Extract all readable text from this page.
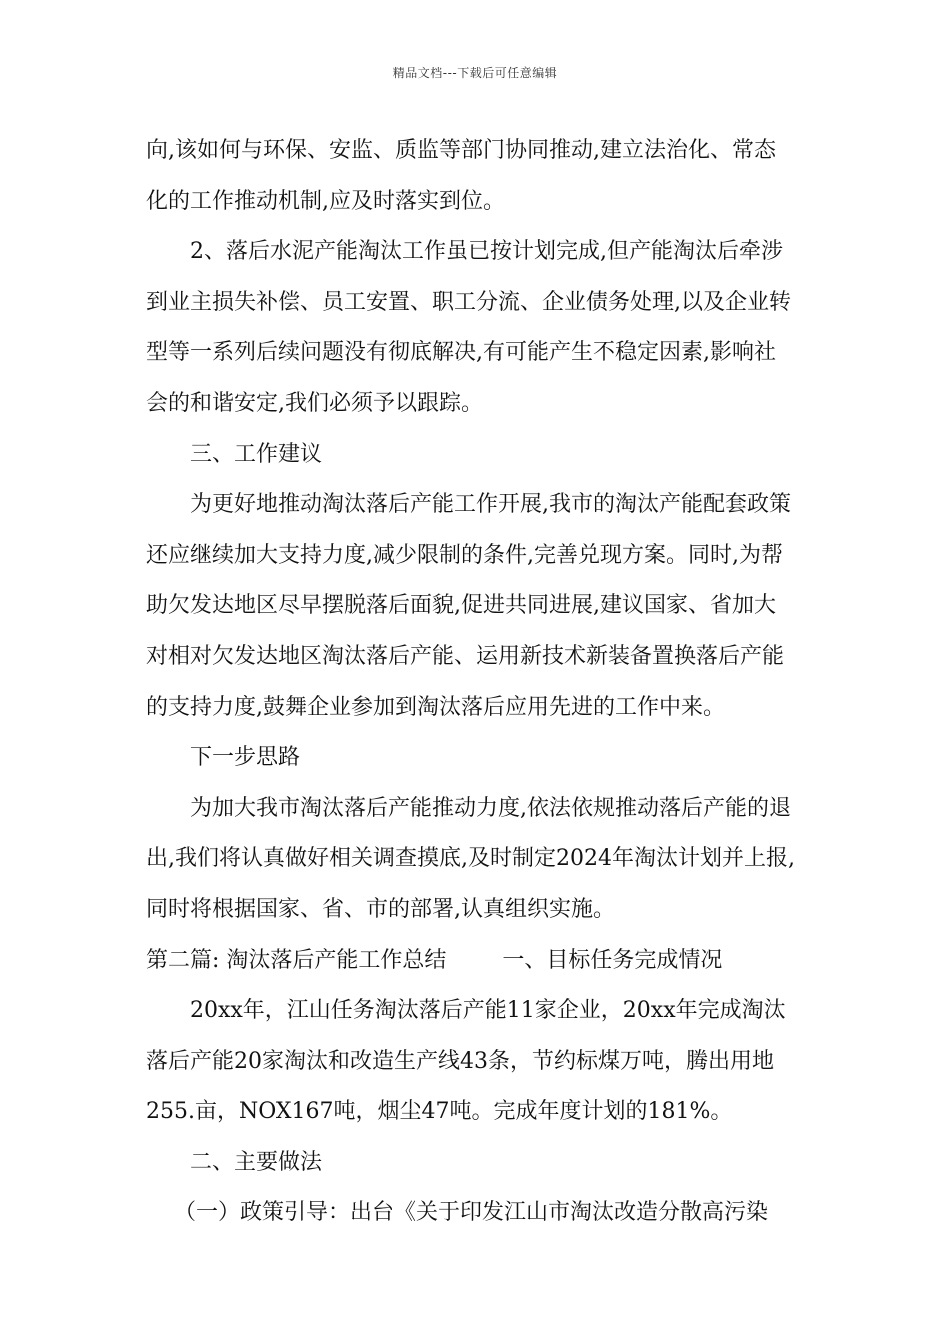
精品文档---下载后可任意编辑
向,该如何与环保、安监、质监等部门协同推动,建立法治化、常态
化的工作推动机制,应及时落实到位。
2、落后水泥产能淘汰工作虽已按计划完成,但产能淘汰后牵涉
到业主损失补偿、员工安置、职工分流、企业债务处理,以及企业转
型等一系列后续问题没有彻底解决,有可能产生不稳定因素,影响社
会的和谐安定,我们必须予以跟踪。
三、工作建议
为更好地推动淘汰落后产能工作开展,我市的淘汰产能配套政策
还应继续加大支持力度,减少限制的条件,完善兑现方案。同时,为帮
助欠发达地区尽早摆脱落后面貌,促进共同进展,建议国家、省加大
对相对欠发达地区淘汰落后产能、运用新技术新装备置换落后产能
的支持力度,鼓舞企业参加到淘汰落后应用先进的工作中来。
下一步思路
为加大我市淘汰落后产能推动力度,依法依规推动落后产能的退
出,我们将认真做好相关调查摸底,及时制定2024年淘汰计划并上报,
同时将根据国家、省、市的部署,认真组织实施。
第二篇: 淘汰落后产能工作总结	一、目标任务完成情况
20xx年，江山任务淘汰落后产能11家企业，20xx年完成淘汰
落后产能20家淘汰和改造生产线43条，节约标煤万吨，腾出用地
255.亩，NOX167吨，烟尘47吨。完成年度计划的181%。
二、主要做法
（一）政策引导：出台《关于印发江山市淘汰改造分散高污染
